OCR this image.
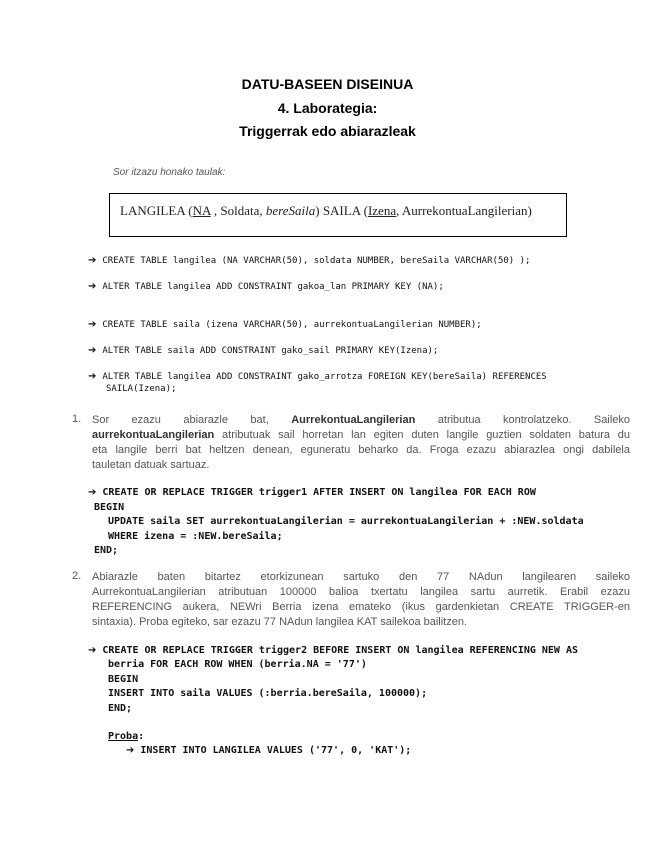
DATU-BASEEN DISEINUA
4. Laborategia:
Triggerrak edo abiarazleak
Sor itzazu honako taulak:
LANGILEA (NA , Soldata, bereSaila) SAILA (Izena, AurrekontuaLangilerian)
➔ CREATE TABLE langilea (NA VARCHAR(50), soldata NUMBER, bereSaila VARCHAR(50) );
➔ ALTER TABLE langilea ADD CONSTRAINT gakoa_lan PRIMARY KEY (NA);
➔ CREATE TABLE saila (izena VARCHAR(50), aurrekontuaLangilerian NUMBER);
➔ ALTER TABLE saila ADD CONSTRAINT gako_sail PRIMARY KEY(Izena);
➔ ALTER TABLE langilea ADD CONSTRAINT gako_arrotza FOREIGN KEY(bereSaila) REFERENCES
SAILA(Izena);
1. Sor ezazu abiarazle bat, AurrekontuaLangilerian atributua kontrolatzeko. Saileko
aurrekontuaLangilerian atributuak sail horretan lan egiten duten langile guztien soldaten batura du
eta langile berri bat heltzen denean, eguneratu beharko da. Froga ezazu abiarazlea ongi dabilela
tauletan datuak sartuaz.
➔ CREATE OR REPLACE TRIGGER trigger1 AFTER INSERT ON langilea FOR EACH ROW
BEGIN
UPDATE saila SET aurrekontuaLangilerian = aurrekontuaLangilerian + :NEW.soldata
WHERE izena = :NEW.bereSaila;
END;
2. Abiarazle baten bitartez etorkizunean sartuko den 77 NAdun langilearen saileko
AurrekontuaLangilerian atributuan 100000 balioa txertatu langilea sartu aurretik. Erabil ezazu
REFERENCING aukera, NEWri Berria izena emateko (ikus gardenkietan CREATE TRIGGER-en
sintaxia). Proba egiteko, sar ezazu 77 NAdun langilea KAT sailekoa bailitzen.
➔ CREATE OR REPLACE TRIGGER trigger2 BEFORE INSERT ON langilea REFERENCING NEW AS
berria FOR EACH ROW WHEN (berria.NA = '77')
BEGIN
INSERT INTO saila VALUES (:berria.bereSaila, 100000);
END;
Proba:
➔ INSERT INTO LANGILEA VALUES ('77', 0, 'KAT');
